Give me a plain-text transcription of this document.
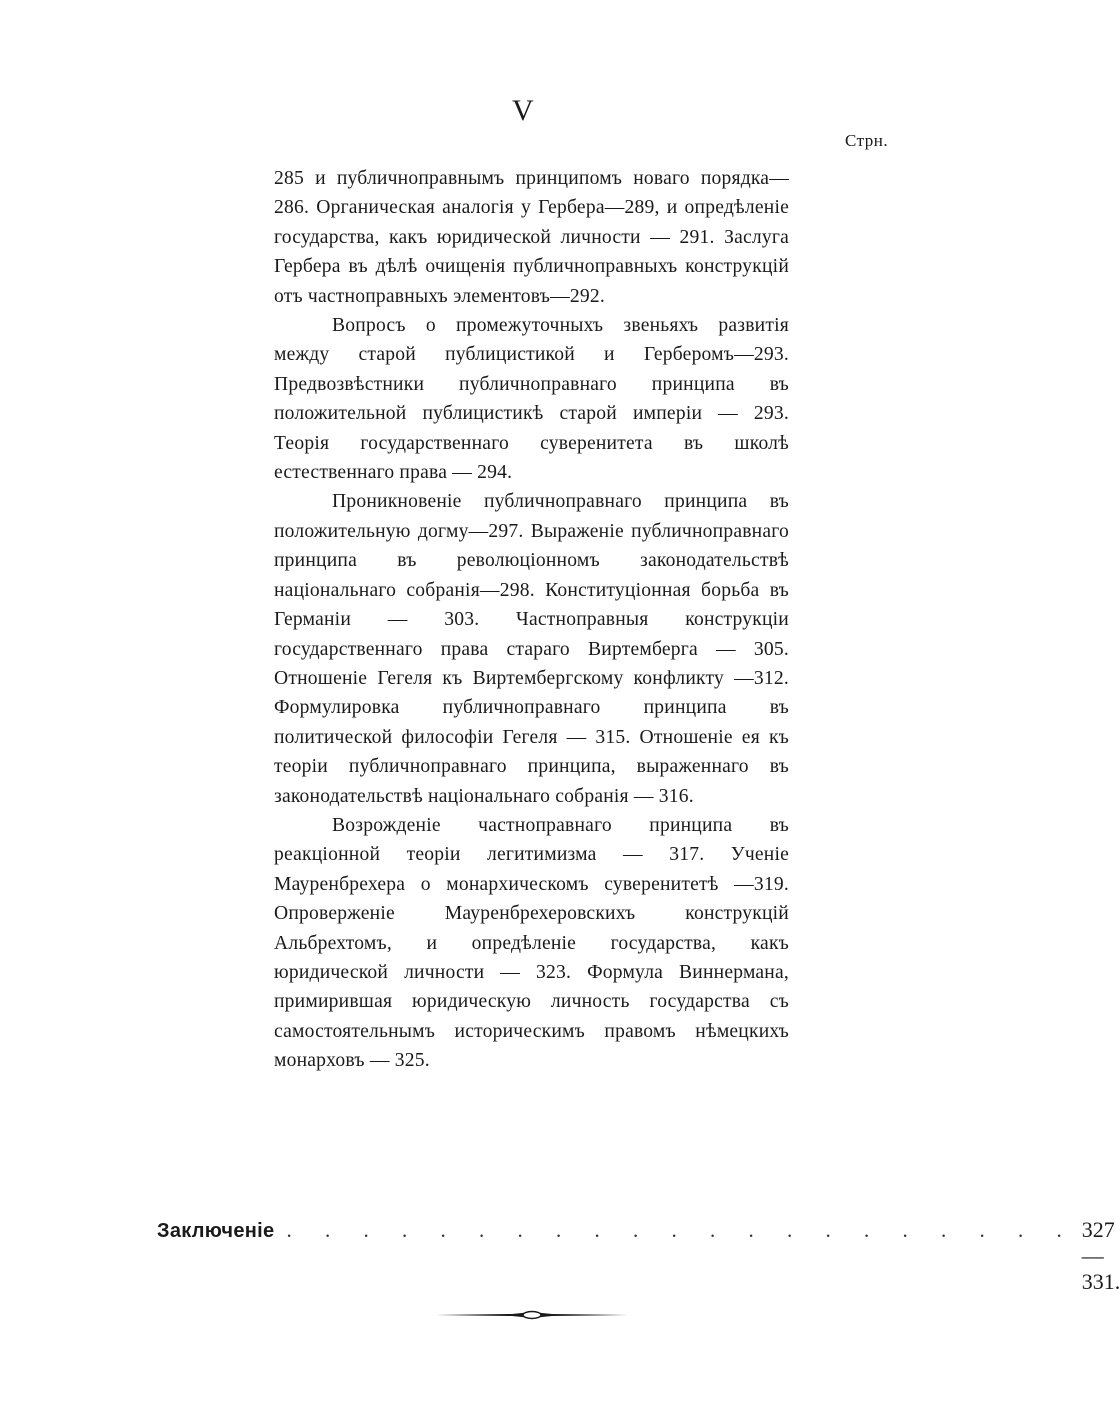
V
Стрн.

285 и публичноправнымъ принципомъ новаго порядка—286. Органическая аналогія у Гербера—289, и опредѣленіе государства, какъ юридической личности — 291. Заслуга Гербера въ дѣлѣ очищенія публичноправныхъ конструкцій отъ частноправныхъ элементовъ—292.

Вопросъ о промежуточныхъ звеньяхъ развитія между старой публицистикой и Герберомъ—293. Предвозвѣстники публичноправнаго принципа въ положительной публицистикѣ старой имперіи — 293. Теорія государственнаго суверенитета въ школѣ естественнаго права — 294.

Проникновеніе публичноправнаго принципа въ положительную догму—297. Выраженіе публичноправнаго принципа въ революціонномъ законодательствѣ національнаго собранія—298. Конституціонная борьба въ Германіи — 303. Частноправныя конструкціи государственнаго права стараго Виртемберга — 305. Отношеніе Гегеля къ Виртембергскому конфликту —312. Формулировка публичноправнаго принципа въ политической философіи Гегеля — 315. Отношеніе ея къ теоріи публичноправнаго принципа, выраженнаго въ законодательствѣ національнаго собранія — 316.

Возрожденіе частноправнаго принципа въ реакціонной теоріи легитимизма — 317. Ученіе Мауренбрехера о монархическомъ суверенитетѣ —319. Опроверженіе Мауренбрехеровскихъ конструкцій Альбрехтомъ, и опредѣленіе государства, какъ юридической личности — 323. Формула Виннермана, примирившая юридическую личность государства съ самостоятельнымъ историческимъ правомъ нѣмецкихъ монарховъ — 325.

Заключеніе . . . . . . . . . . . . . . . . . . . . . 327—331.
